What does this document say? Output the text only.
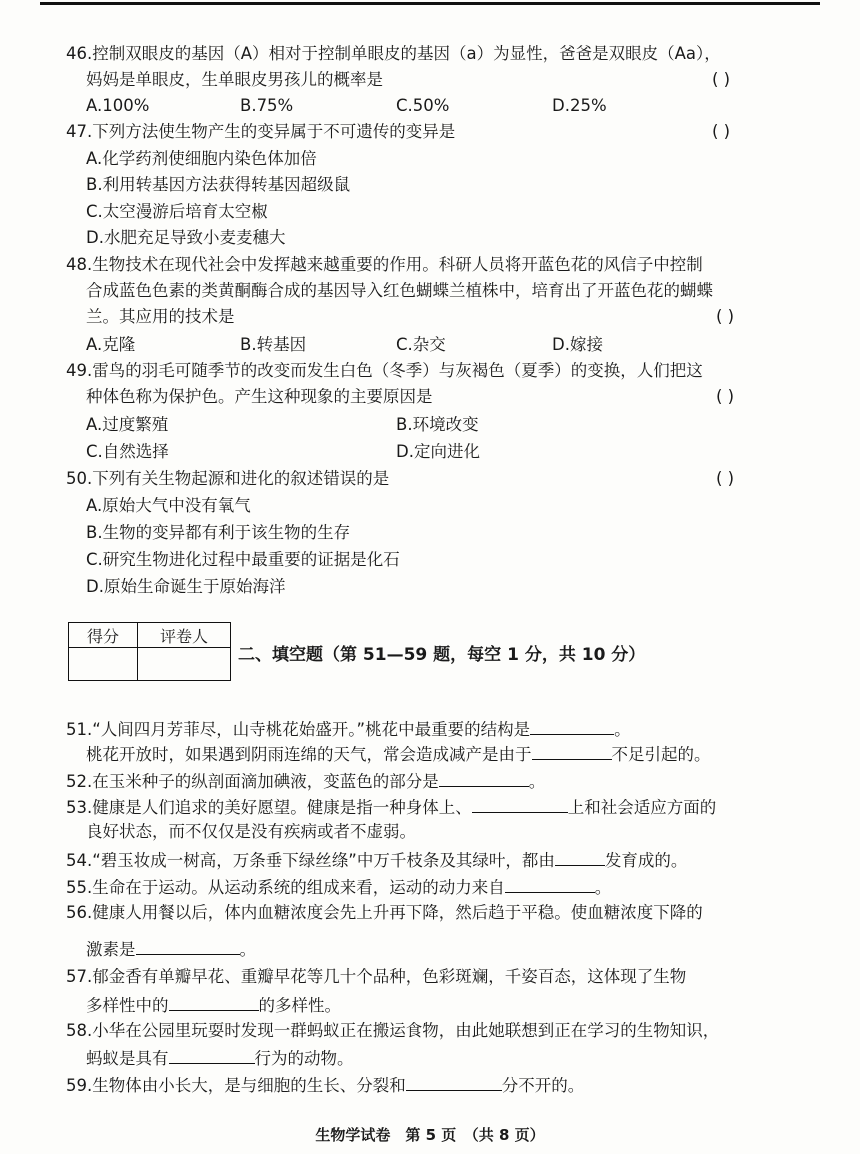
46.控制双眼皮的基因（A）相对于控制单眼皮的基因（a）为显性，爸爸是双眼皮（Aa），
妈妈是单眼皮，生单眼皮男孩儿的概率是	( )
A.100%	B.75%	C.50%	D.25%
47.下列方法使生物产生的变异属于不可遗传的变异是	( )
A.化学药剂使细胞内染色体加倍
B.利用转基因方法获得转基因超级鼠
C.太空漫游后培育太空椒
D.水肥充足导致小麦麦穗大
48.生物技术在现代社会中发挥越来越重要的作用。科研人员将开蓝色花的风信子中控制
合成蓝色色素的类黄酮酶合成的基因导入红色蝴蝶兰植株中，培育出了开蓝色花的蝴蝶
兰。其应用的技术是	( )
A.克隆	B.转基因	C.杂交	D.嫁接
49.雷鸟的羽毛可随季节的改变而发生白色（冬季）与灰褐色（夏季）的变换，人们把这
种体色称为保护色。产生这种现象的主要原因是	( )
A.过度繁殖	B.环境改变
C.自然选择	D.定向进化
50.下列有关生物起源和进化的叙述错误的是	( )
A.原始大气中没有氧气
B.生物的变异都有利于该生物的生存
C.研究生物进化过程中最重要的证据是化石
D.原始生命诞生于原始海洋
得分	评卷人

二、填空题（第 51—59 题，每空 1 分，共 10 分）
51.“人间四月芳菲尽，山寺桃花始盛开。”桃花中最重要的结构是	。
桃花开放时，如果遇到阴雨连绵的天气，常会造成减产是由于	不足引起的。
52.在玉米种子的纵剖面滴加碘液，变蓝色的部分是	。
53.健康是人们追求的美好愿望。健康是指一种身体上、	上和社会适应方面的
良好状态，而不仅仅是没有疾病或者不虚弱。
54.“碧玉妆成一树高，万条垂下绿丝绦”中万千枝条及其绿叶，都由	发育成的。
55.生命在于运动。从运动系统的组成来看，运动的动力来自	。
56.健康人用餐以后，体内血糖浓度会先上升再下降，然后趋于平稳。使血糖浓度下降的
激素是	。
57.郁金香有单瓣早花、重瓣早花等几十个品种，色彩斑斓，千姿百态，这体现了生物
多样性中的	的多样性。
58.小华在公园里玩耍时发现一群蚂蚁正在搬运食物，由此她联想到正在学习的生物知识，
蚂蚁是具有	行为的动物。
59.生物体由小长大，是与细胞的生长、分裂和	分不开的。
生物学试卷　第 5 页　（共 8 页）
